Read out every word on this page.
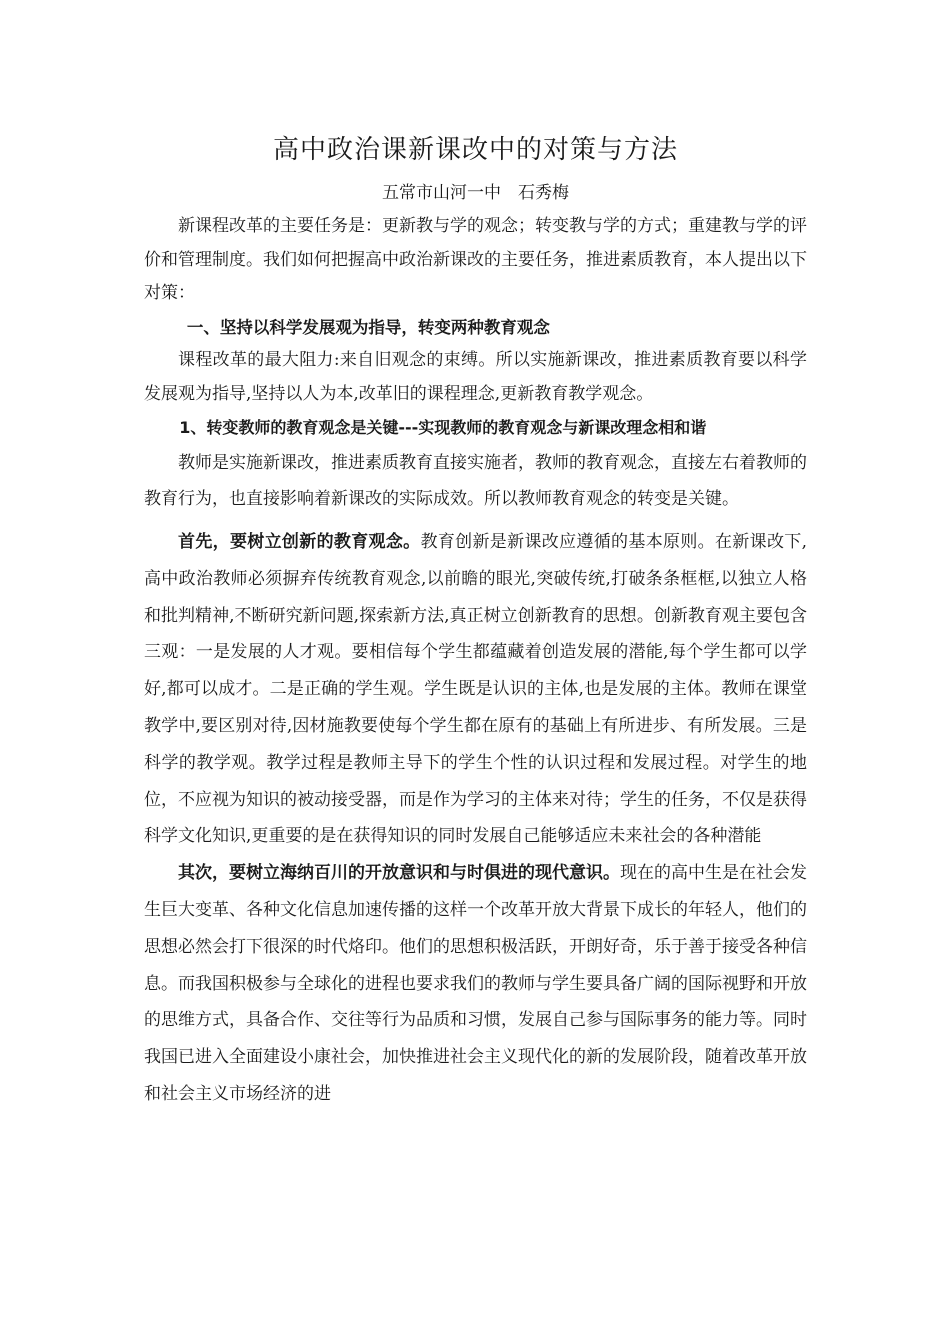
高中政治课新课改中的对策与方法
五常市山河一中　石秀梅

新课程改革的主要任务是：更新教与学的观念；转变教与学的方式；重建教与学的评价和管理制度。我们如何把握高中政治新课改的主要任务，推进素质教育，本人提出以下对策：

一、坚持以科学发展观为指导，转变两种教育观念

课程改革的最大阻力:来自旧观念的束缚。所以实施新课改，推进素质教育要以科学发展观为指导,坚持以人为本,改革旧的课程理念,更新教育教学观念。

1、转变教师的教育观念是关键---实现教师的教育观念与新课改理念相和谐

教师是实施新课改，推进素质教育直接实施者，教师的教育观念，直接左右着教师的教育行为，也直接影响着新课改的实际成效。所以教师教育观念的转变是关键。

首先，要树立创新的教育观念。教育创新是新课改应遵循的基本原则。在新课改下,高中政治教师必须摒弃传统教育观念,以前瞻的眼光,突破传统,打破条条框框,以独立人格和批判精神,不断研究新问题,探索新方法,真正树立创新教育的思想。创新教育观主要包含三观：一是发展的人才观。要相信每个学生都蕴藏着创造发展的潜能,每个学生都可以学好,都可以成才。二是正确的学生观。学生既是认识的主体,也是发展的主体。教师在课堂教学中,要区别对待,因材施教要使每个学生都在原有的基础上有所进步、有所发展。三是科学的教学观。教学过程是教师主导下的学生个性的认识过程和发展过程。对学生的地位，不应视为知识的被动接受器，而是作为学习的主体来对待；学生的任务，不仅是获得科学文化知识,更重要的是在获得知识的同时发展自己能够适应未来社会的各种潜能

其次，要树立海纳百川的开放意识和与时俱进的现代意识。现在的高中生是在社会发生巨大变革、各种文化信息加速传播的这样一个改革开放大背景下成长的年轻人，他们的思想必然会打下很深的时代烙印。他们的思想积极活跃，开朗好奇，乐于善于接受各种信息。而我国积极参与全球化的进程也要求我们的教师与学生要具备广阔的国际视野和开放的思维方式，具备合作、交往等行为品质和习惯，发展自己参与国际事务的能力等。同时我国已进入全面建设小康社会，加快推进社会主义现代化的新的发展阶段，随着改革开放和社会主义市场经济的进
